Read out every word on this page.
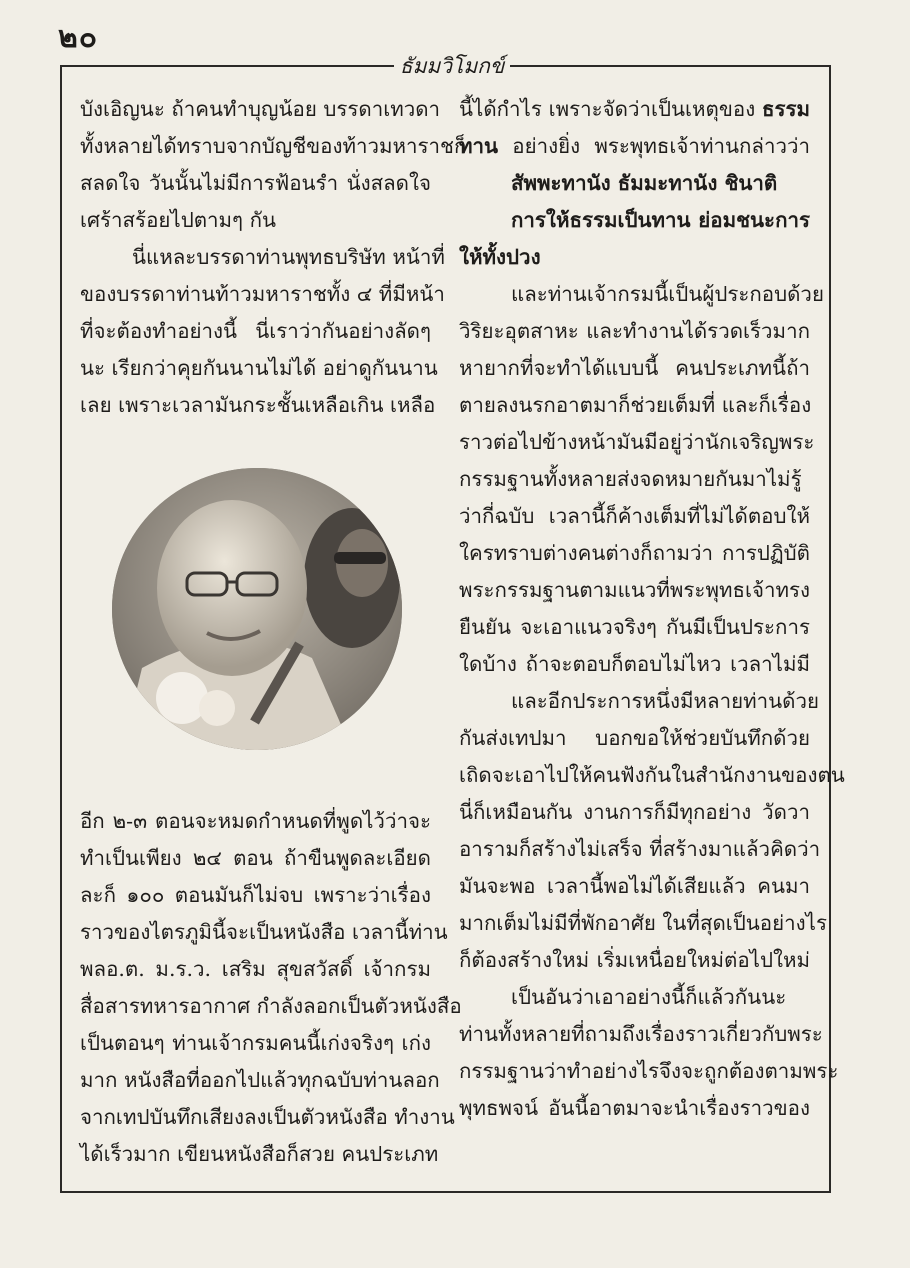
๒๐
ธัมมวิโมกข์
บังเอิญนะ ถ้าคนทำบุญน้อย บรรดาเทวดา
ทั้งหลายได้ทราบจากบัญชีของท้าวมหาราชก็
สลดใจ วันนั้นไม่มีการฟ้อนรำ นั่งสลดใจ
เศร้าสร้อยไปตามๆ กัน
นี่แหละบรรดาท่านพุทธบริษัท หน้าที่
ของบรรดาท่านท้าวมหาราชทั้ง ๔ ที่มีหน้า
ที่จะต้องทำอย่างนี้ นี่เราว่ากันอย่างลัดๆ
นะ เรียกว่าคุยกันนานไม่ได้ อย่าดูกันนาน
เลย เพราะเวลามันกระชั้นเหลือเกิน เหลือ
อีก ๒-๓ ตอนจะหมดกำหนดที่พูดไว้ว่าจะ
ทำเป็นเพียง ๒๔ ตอน ถ้าขืนพูดละเอียด
ละก็ ๑๐๐ ตอนมันก็ไม่จบ เพราะว่าเรื่อง
ราวของไตรภูมินี้จะเป็นหนังสือ เวลานี้ท่าน
พลอ.ต. ม.ร.ว. เสริม สุขสวัสดิ์ เจ้ากรม
สื่อสารทหารอากาศ กำลังลอกเป็นตัวหนังสือ
เป็นตอนๆ ท่านเจ้ากรมคนนี้เก่งจริงๆ เก่ง
มาก หนังสือที่ออกไปแล้วทุกฉบับท่านลอก
จากเทปบันทึกเสียงลงเป็นตัวหนังสือ ทำงาน
ได้เร็วมาก เขียนหนังสือก็สวย คนประเภท
นี้ได้กำไร เพราะจัดว่าเป็นเหตุของ ธรรม
ทาน อย่างยิ่ง พระพุทธเจ้าท่านกล่าวว่า
สัพพะทานัง ธัมมะทานัง ชินาติ
การให้ธรรมเป็นทาน ย่อมชนะการ
ให้ทั้งปวง
และท่านเจ้ากรมนี้เป็นผู้ประกอบด้วย
วิริยะอุตสาหะ และทำงานได้รวดเร็วมาก
หายากที่จะทำได้แบบนี้ คนประเภทนี้ถ้า
ตายลงนรกอาตมาก็ช่วยเต็มที่ และก็เรื่อง
ราวต่อไปข้างหน้ามันมีอยู่ว่านักเจริญพระ
กรรมฐานทั้งหลายส่งจดหมายกันมาไม่รู้
ว่ากี่ฉบับ เวลานี้ก็ค้างเต็มที่ไม่ได้ตอบให้
ใครทราบต่างคนต่างก็ถามว่า การปฏิบัติ
พระกรรมฐานตามแนวที่พระพุทธเจ้าทรง
ยืนยัน จะเอาแนวจริงๆ กันมีเป็นประการ
ใดบ้าง ถ้าจะตอบก็ตอบไม่ไหว เวลาไม่มี
และอีกประการหนึ่งมีหลายท่านด้วย
กันส่งเทปมา บอกขอให้ช่วยบันทึกด้วย
เถิดจะเอาไปให้คนฟังกันในสำนักงานของตน
นี่ก็เหมือนกัน งานการก็มีทุกอย่าง วัดวา
อารามก็สร้างไม่เสร็จ ที่สร้างมาแล้วคิดว่า
มันจะพอ เวลานี้พอไม่ได้เสียแล้ว คนมา
มากเต็มไม่มีที่พักอาศัย ในที่สุดเป็นอย่างไร
ก็ต้องสร้างใหม่ เริ่มเหนื่อยใหม่ต่อไปใหม่
เป็นอันว่าเอาอย่างนี้ก็แล้วกันนะ
ท่านทั้งหลายที่ถามถึงเรื่องราวเกี่ยวกับพระ
กรรมฐานว่าทำอย่างไรจึงจะถูกต้องตามพระ
พุทธพจน์ อันนี้อาตมาจะนำเรื่องราวของ
